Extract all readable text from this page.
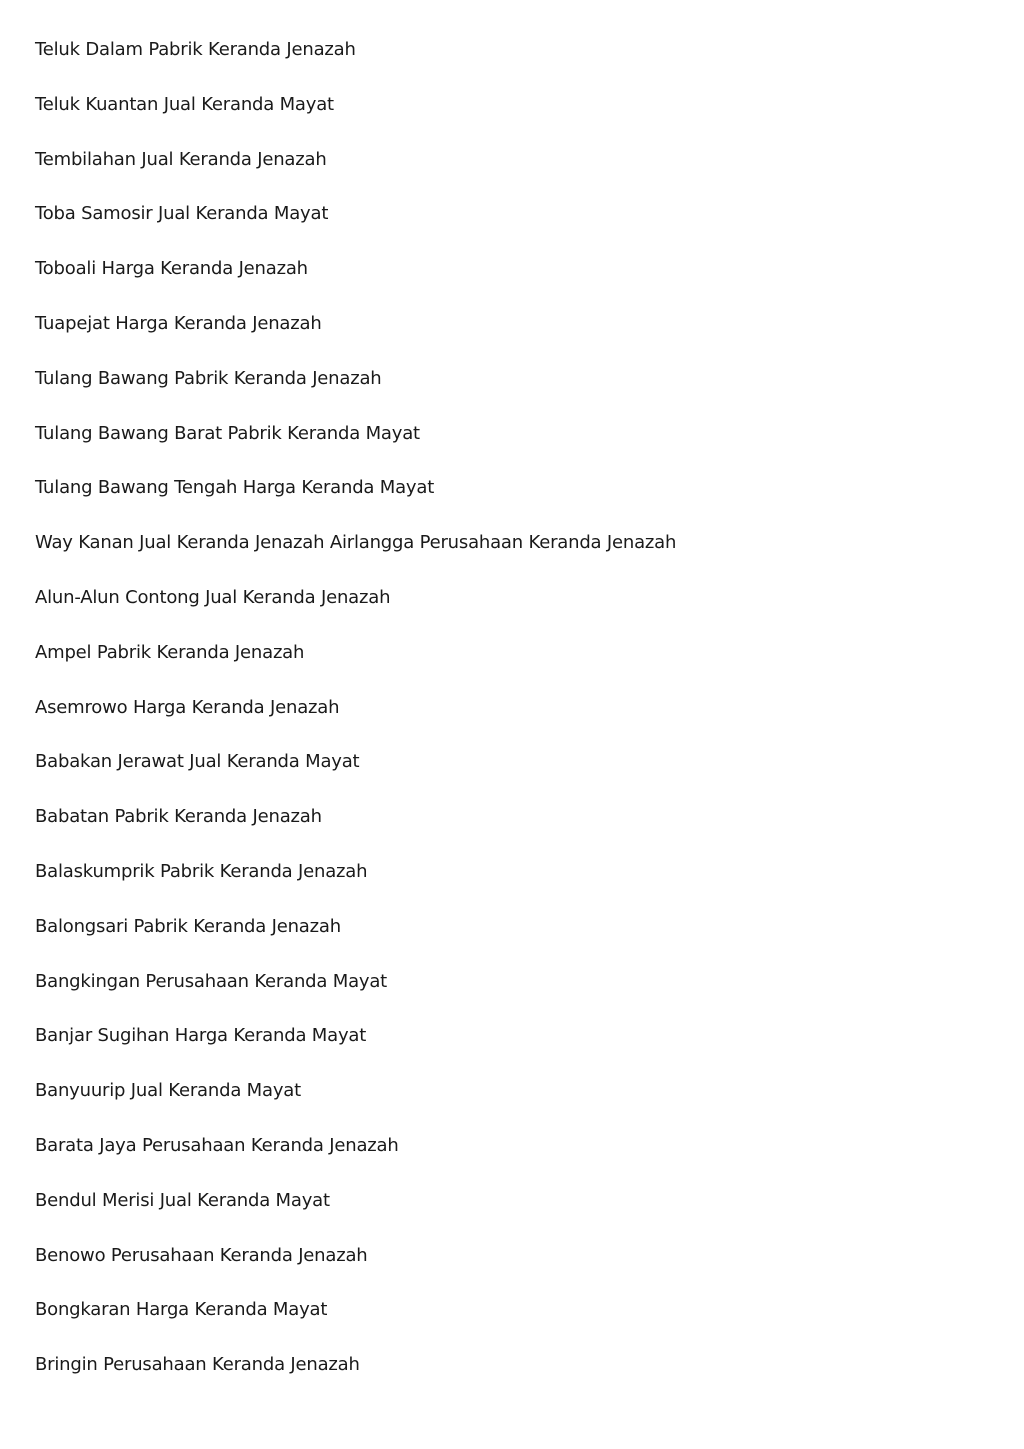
Teluk Dalam Pabrik Keranda Jenazah
Teluk Kuantan Jual Keranda Mayat
Tembilahan Jual Keranda Jenazah
Toba Samosir Jual Keranda Mayat
Toboali Harga Keranda Jenazah
Tuapejat Harga Keranda Jenazah
Tulang Bawang Pabrik Keranda Jenazah
Tulang Bawang Barat Pabrik Keranda Mayat
Tulang Bawang Tengah Harga Keranda Mayat
Way Kanan Jual Keranda Jenazah Airlangga Perusahaan Keranda Jenazah
Alun-Alun Contong Jual Keranda Jenazah
Ampel Pabrik Keranda Jenazah
Asemrowo Harga Keranda Jenazah
Babakan Jerawat Jual Keranda Mayat
Babatan Pabrik Keranda Jenazah
Balaskumprik Pabrik Keranda Jenazah
Balongsari Pabrik Keranda Jenazah
Bangkingan Perusahaan Keranda Mayat
Banjar Sugihan Harga Keranda Mayat
Banyuurip Jual Keranda Mayat
Barata Jaya Perusahaan Keranda Jenazah
Bendul Merisi Jual Keranda Mayat
Benowo Perusahaan Keranda Jenazah
Bongkaran Harga Keranda Mayat
Bringin Perusahaan Keranda Jenazah
